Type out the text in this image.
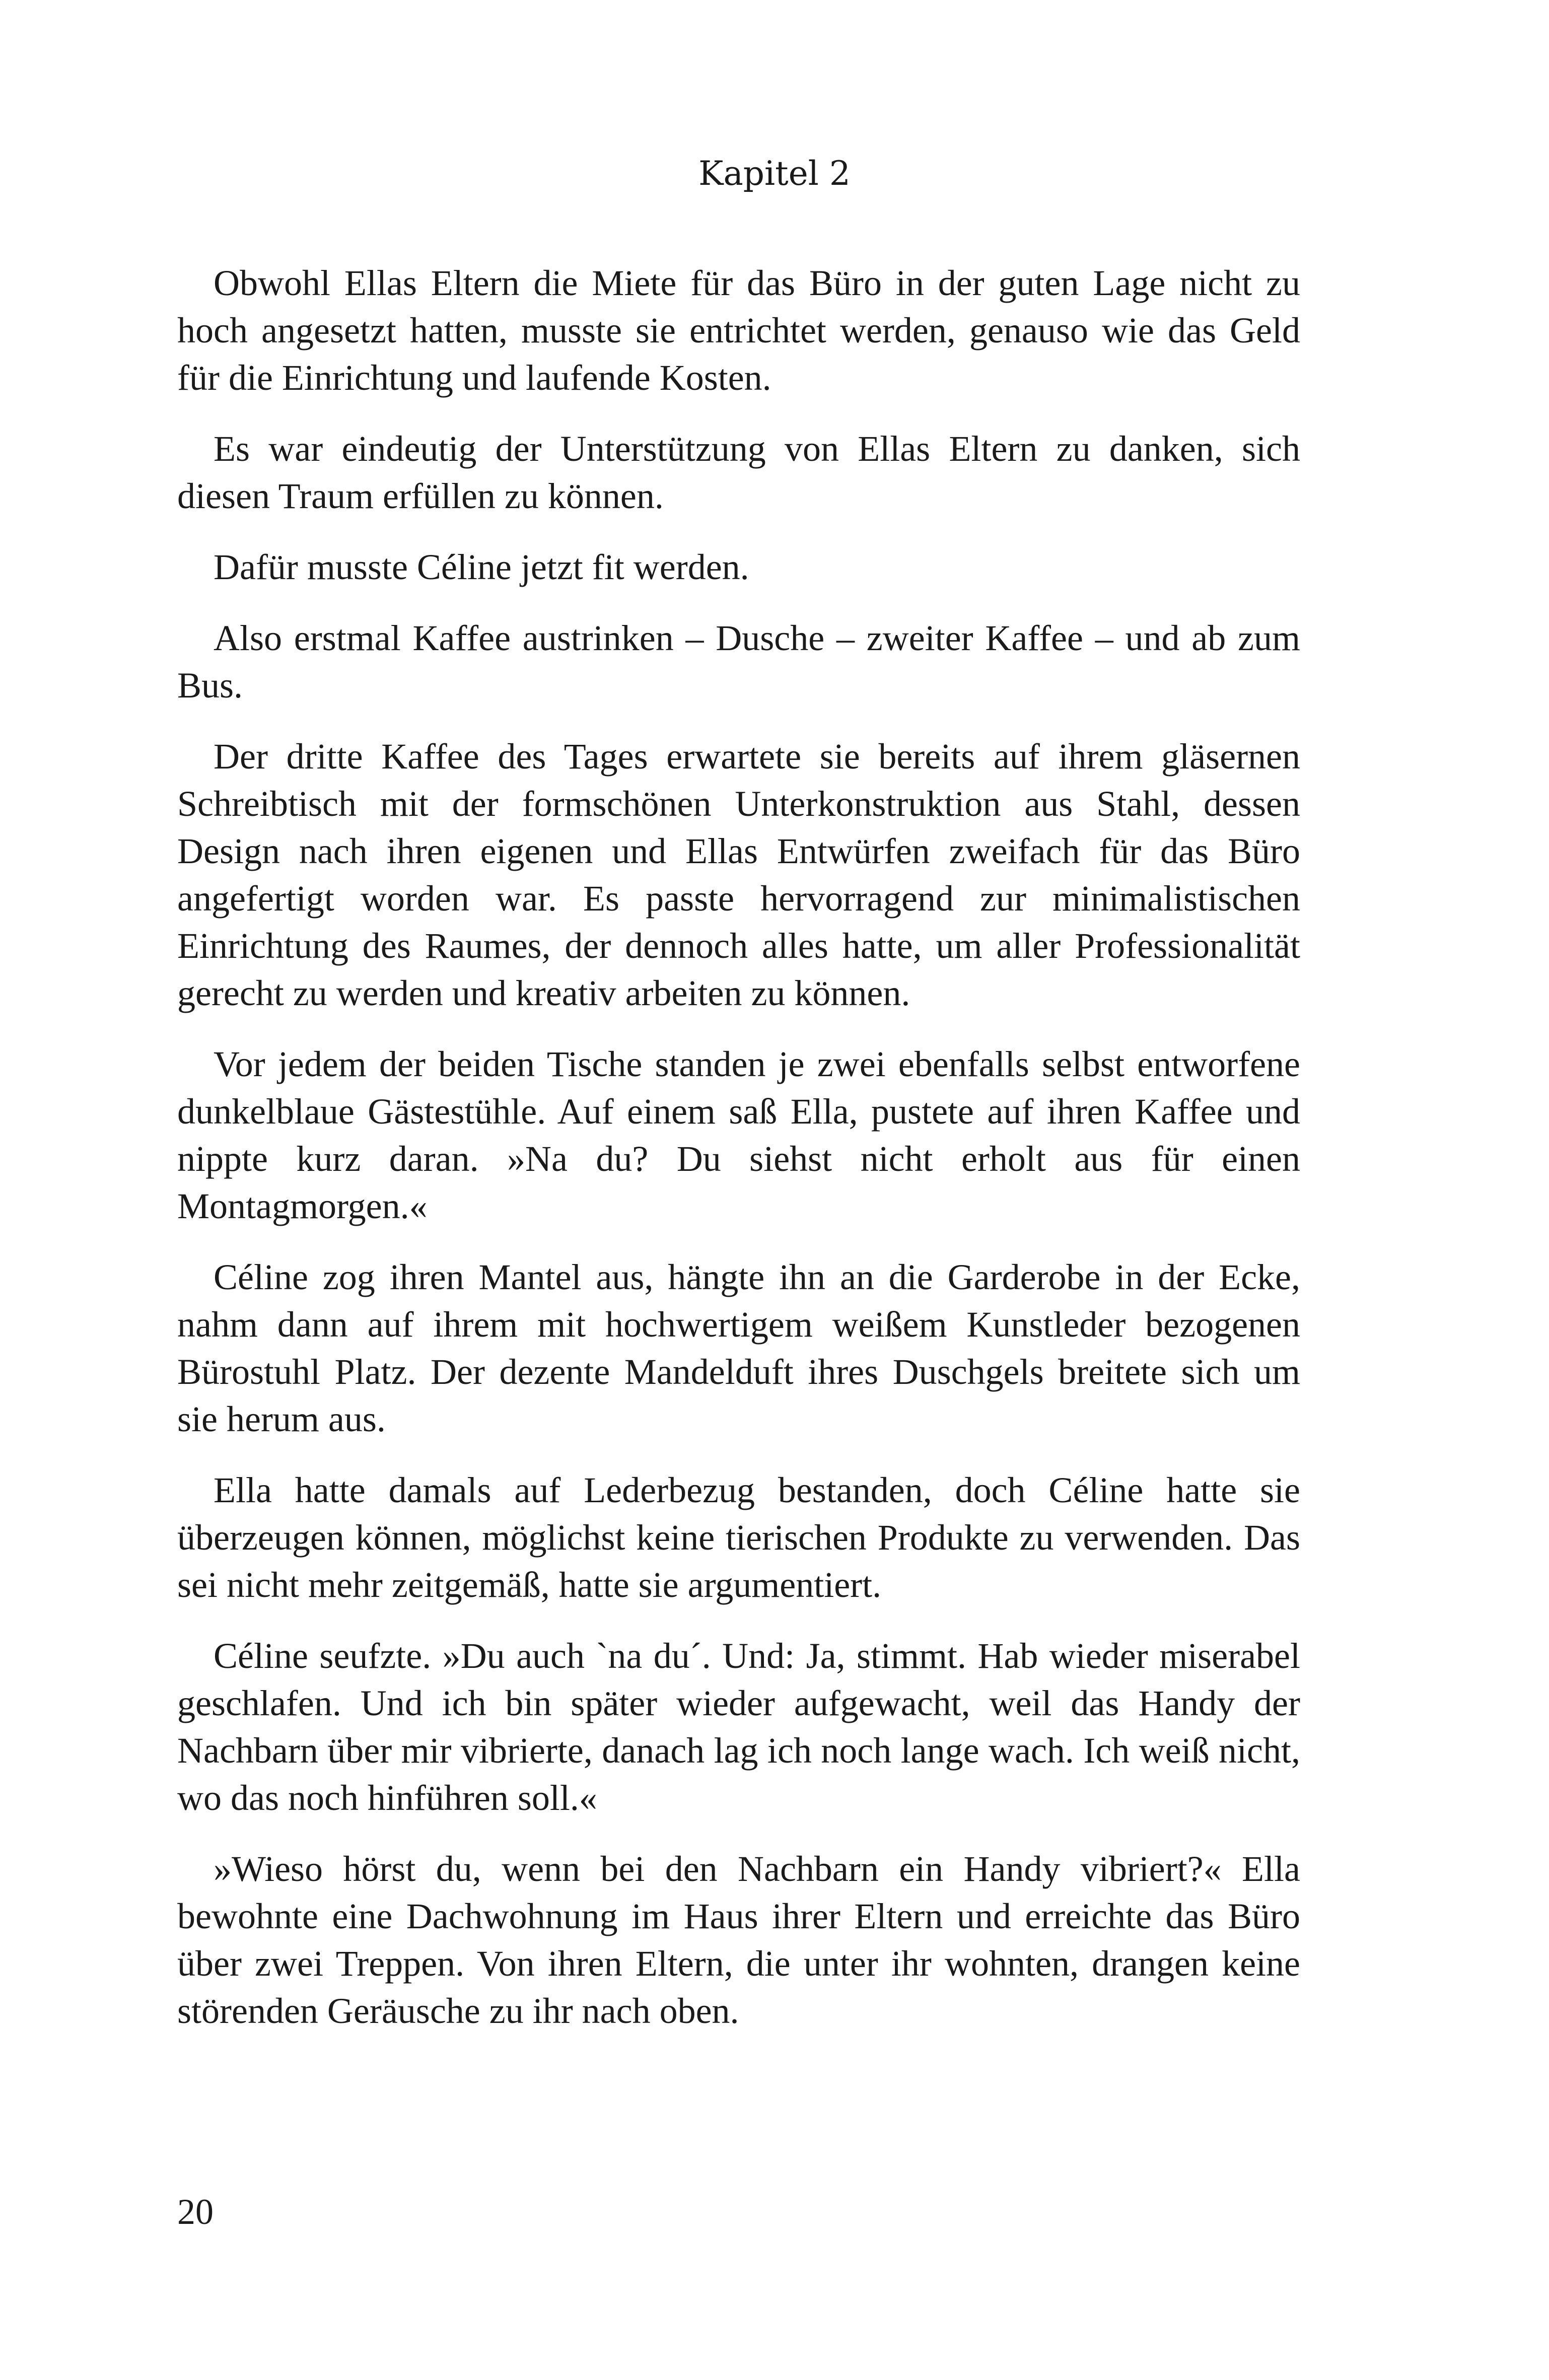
Kapitel 2

Obwohl Ellas Eltern die Miete für das Büro in der guten Lage nicht zu hoch angesetzt hatten, musste sie entrichtet werden, genauso wie das Geld für die Einrichtung und laufende Kosten.

Es war eindeutig der Unterstützung von Ellas Eltern zu danken, sich diesen Traum erfüllen zu können.

Dafür musste Céline jetzt fit werden.

Also erstmal Kaffee austrinken – Dusche – zweiter Kaffee – und ab zum Bus.

Der dritte Kaffee des Tages erwartete sie bereits auf ihrem gläsernen Schreibtisch mit der formschönen Unterkonstruktion aus Stahl, dessen Design nach ihren eigenen und Ellas Entwürfen zweifach für das Büro angefertigt worden war. Es passte hervorragend zur minimalistischen Einrichtung des Raumes, der dennoch alles hatte, um aller Professionalität gerecht zu werden und kreativ arbeiten zu können.

Vor jedem der beiden Tische standen je zwei ebenfalls selbst entworfene dunkelblaue Gästestühle. Auf einem saß Ella, pustete auf ihren Kaffee und nippte kurz daran. »Na du? Du siehst nicht erholt aus für einen Montagmorgen.«

Céline zog ihren Mantel aus, hängte ihn an die Garderobe in der Ecke, nahm dann auf ihrem mit hochwertigem weißem Kunstleder bezogenen Bürostuhl Platz. Der dezente Mandelduft ihres Duschgels breitete sich um sie herum aus.

Ella hatte damals auf Lederbezug bestanden, doch Céline hatte sie überzeugen können, möglichst keine tierischen Produkte zu verwenden. Das sei nicht mehr zeitgemäß, hatte sie argumentiert.

Céline seufzte. »Du auch `na du´. Und: Ja, stimmt. Hab wieder miserabel geschlafen. Und ich bin später wieder aufgewacht, weil das Handy der Nachbarn über mir vibrierte, danach lag ich noch lange wach. Ich weiß nicht, wo das noch hinführen soll.«

»Wieso hörst du, wenn bei den Nachbarn ein Handy vibriert?« Ella bewohnte eine Dachwohnung im Haus ihrer Eltern und erreichte das Büro über zwei Treppen. Von ihren Eltern, die unter ihr wohnten, drangen keine störenden Geräusche zu ihr nach oben.

20
